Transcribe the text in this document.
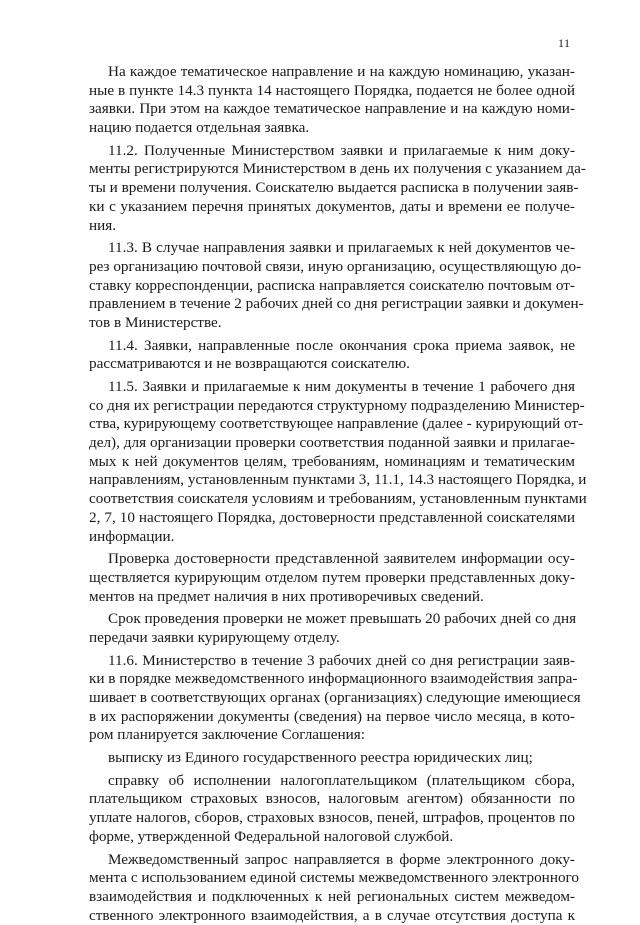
11
На каждое тематическое направление и на каждую номинацию, указан-
ные в пункте 14.3 пункта 14 настоящего Порядка, подается не более одной
заявки. При этом на каждое тематическое направление и на каждую номи-
нацию подается отдельная заявка.
11.2. Полученные Министерством заявки и прилагаемые к ним доку-
менты регистрируются Министерством в день их получения с указанием да-
ты и времени получения. Соискателю выдается расписка в получении заяв-
ки с указанием перечня принятых документов, даты и времени ее получе-
ния.
11.3. В случае направления заявки и прилагаемых к ней документов че-
рез организацию почтовой связи, иную организацию, осуществляющую до-
ставку корреспонденции, расписка направляется соискателю почтовым от-
правлением в течение 2 рабочих дней со дня регистрации заявки и докумен-
тов в Министерстве.
11.4. Заявки, направленные после окончания срока приема заявок, не
рассматриваются и не возвращаются соискателю.
11.5. Заявки и прилагаемые к ним документы в течение 1 рабочего дня
со дня их регистрации передаются структурному подразделению Министер-
ства, курирующему соответствующее направление (далее - курирующий от-
дел), для организации проверки соответствия поданной заявки и прилагае-
мых к ней документов целям, требованиям, номинациям и тематическим
направлениям, установленным пунктами 3, 11.1, 14.3 настоящего Порядка, и
соответствия соискателя условиям и требованиям, установленным пунктами
2, 7, 10 настоящего Порядка, достоверности представленной соискателями
информации.
Проверка достоверности представленной заявителем информации осу-
ществляется курирующим отделом путем проверки представленных доку-
ментов на предмет наличия в них противоречивых сведений.
Срок проведения проверки не может превышать 20 рабочих дней со дня
передачи заявки курирующему отделу.
11.6. Министерство в течение 3 рабочих дней со дня регистрации заяв-
ки в порядке межведомственного информационного взаимодействия запра-
шивает в соответствующих органах (организациях) следующие имеющиеся
в их распоряжении документы (сведения) на первое число месяца, в кото-
ром планируется заключение Соглашения:
выписку из Единого государственного реестра юридических лиц;
справку об исполнении налогоплательщиком (плательщиком сбора,
плательщиком страховых взносов, налоговым агентом) обязанности по
уплате налогов, сборов, страховых взносов, пеней, штрафов, процентов по
форме, утвержденной Федеральной налоговой службой.
Межведомственный запрос направляется в форме электронного доку-
мента с использованием единой системы межведомственного электронного
взаимодействия и подключенных к ней региональных систем межведом-
ственного электронного взаимодействия, а в случае отсутствия доступа к
